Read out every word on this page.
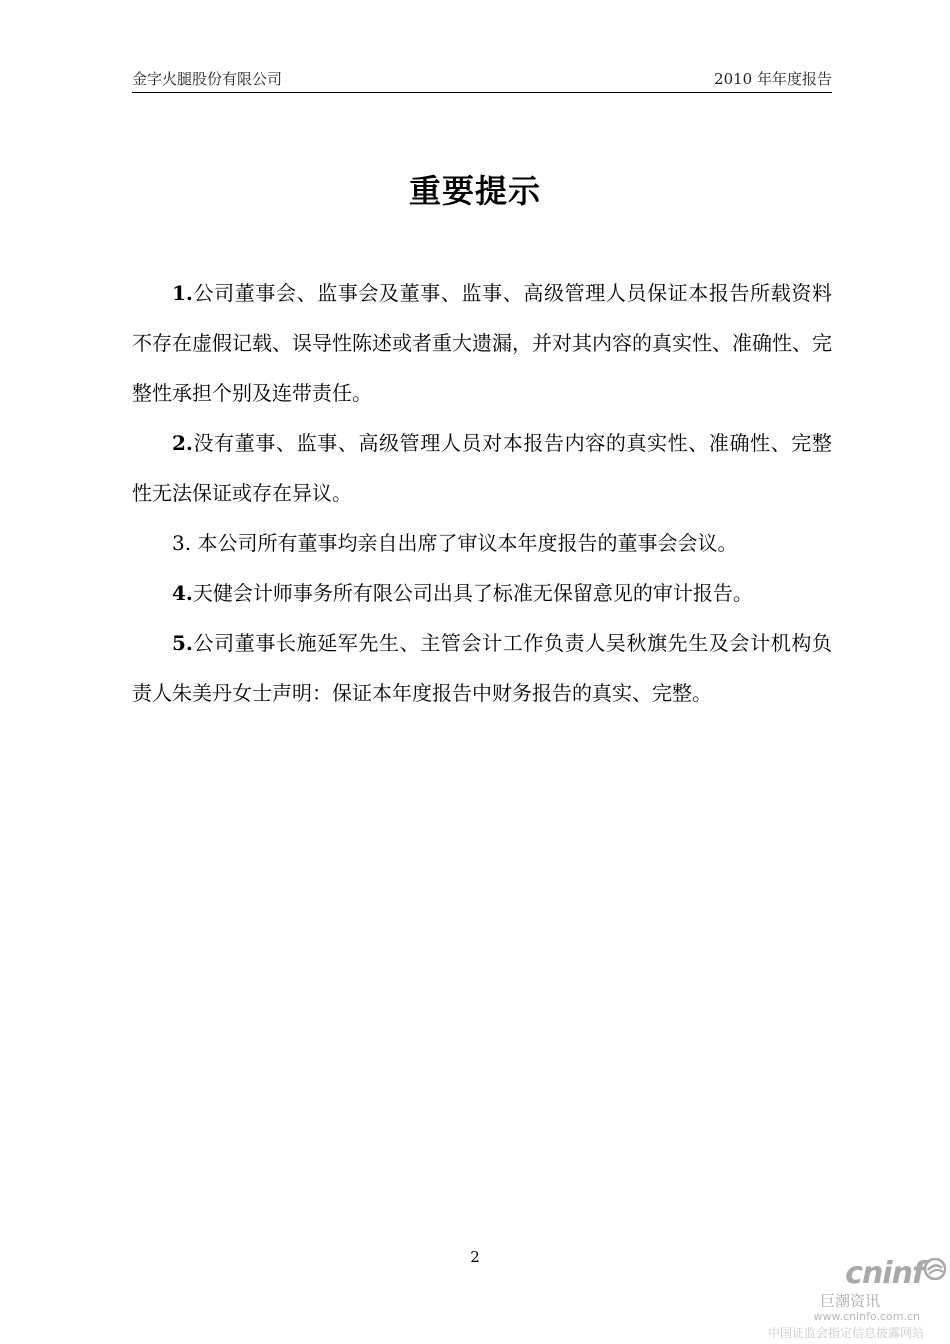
金字火腿股份有限公司	2010 年年度报告
重要提示

1.公司董事会、监事会及董事、监事、高级管理人员保证本报告所载资料不存在虚假记载、误导性陈述或者重大遗漏，并对其内容的真实性、准确性、完整性承担个别及连带责任。

2.没有董事、监事、高级管理人员对本报告内容的真实性、准确性、完整性无法保证或存在异议。

3. 本公司所有董事均亲自出席了审议本年度报告的董事会会议。

4.天健会计师事务所有限公司出具了标准无保留意见的审计报告。

5.公司董事长施延军先生、主管会计工作负责人吴秋旗先生及会计机构负责人朱美丹女士声明：保证本年度报告中财务报告的真实、完整。

2	cninf
巨潮资讯
www.cninfo.com.cn
中国证监会指定信息披露网站
